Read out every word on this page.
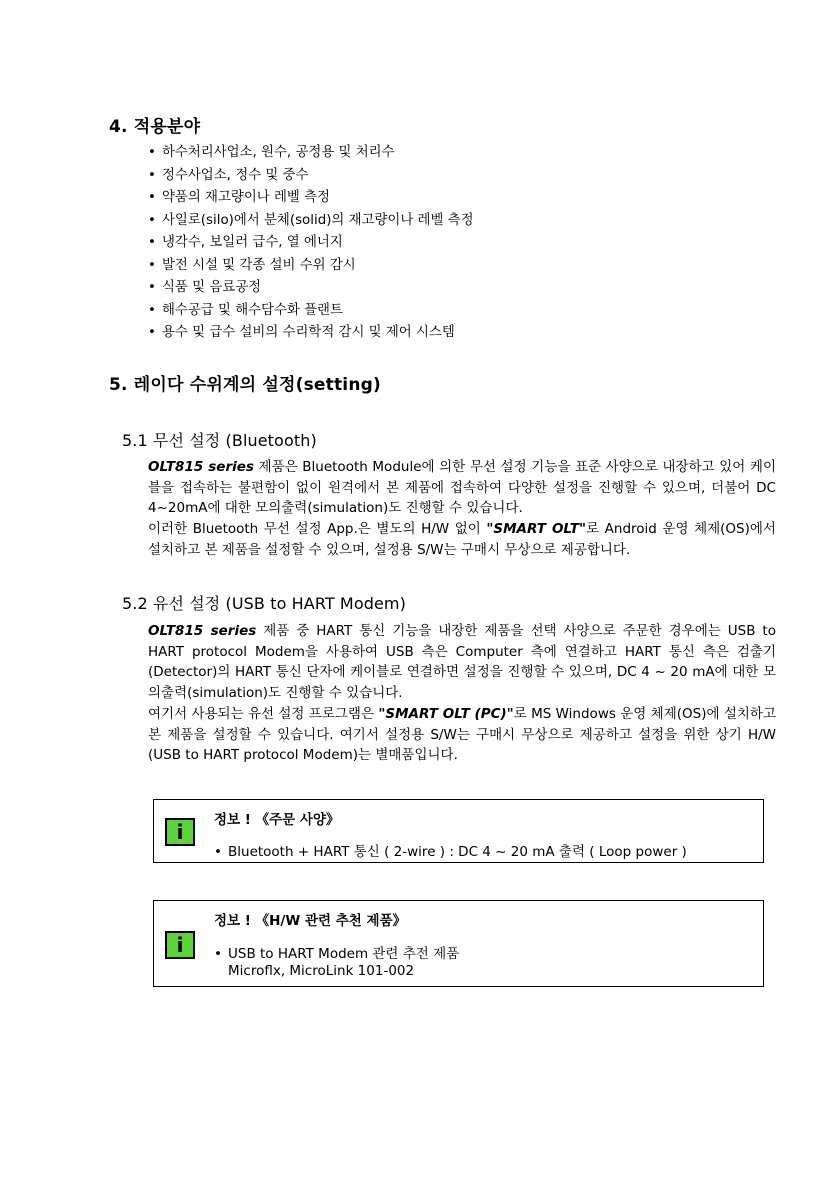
4. 적용분야
• 하수처리사업소, 원수, 공정용 및 처리수
• 정수사업소, 정수 및 중수
• 약품의 재고량이나 레벨 측정
• 사일로(silo)에서 분체(solid)의 재고량이나 레벨 측정
• 냉각수, 보일러 급수, 열 에너지
• 발전 시설 및 각종 설비 수위 감시
• 식품 및 음료공정
• 해수공급 및 해수담수화 플랜트
• 용수 및 급수 설비의 수리학적 감시 및 제어 시스템
5. 레이다 수위계의 설정(setting)
5.1 무선 설정 (Bluetooth)

OLT815 series 제품은 Bluetooth Module에 의한 무선 설정 기능을 표준 사양으로 내장하고 있어 케이블을 접속하는 불편함이 없이 원격에서 본 제품에 접속하여 다양한 설정을 진행할 수 있으며, 더불어 DC 4~20mA에 대한 모의출력(simulation)도 진행할 수 있습니다.

이러한 Bluetooth 무선 설정 App.은 별도의 H/W 없이 "SMART OLT"로 Android 운영 체제(OS)에서 설치하고 본 제품을 설정할 수 있으며, 설정용 S/W는 구매시 무상으로 제공합니다.

5.2 유선 설정 (USB to HART Modem)

OLT815 series 제품 중 HART 통신 기능을 내장한 제품을 선택 사양으로 주문한 경우에는 USB to HART protocol Modem을 사용하여 USB 측은 Computer 측에 연결하고 HART 통신 측은 검출기(Detector)의 HART 통신 단자에 케이블로 연결하면 설정을 진행할 수 있으며, DC 4 ~ 20 mA에 대한 모의출력(simulation)도 진행할 수 있습니다.

여기서 사용되는 유선 설정 프로그램은 "SMART OLT (PC)"로 MS Windows 운영 체제(OS)에 설치하고 본 제품을 설정할 수 있습니다. 여기서 설정용 S/W는 구매시 무상으로 제공하고 설정을 위한 상기 H/W (USB to HART protocol Modem)는 별매품입니다.

i	정보 ! 《주문 사양》
• Bluetooth + HART 통신 ( 2-wire ) : DC 4 ~ 20 mA 출력 ( Loop power )
i
정보 ! 《H/W 관련 추천 제품》
• USB to HART Modem 관련 추전 제품
Microflx, MicroLink 101-002
